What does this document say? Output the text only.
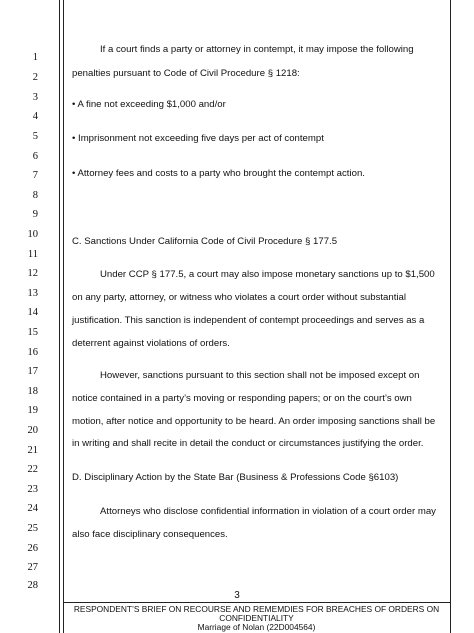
1
2
3
4
5
6
7
8
9
10
11
12
13
14
15
16
17
18
19
20
21
22
23
24
25
26
27
28
If a court finds a party or attorney in contempt, it may impose the following
penalties pursuant to Code of Civil Procedure § 1218:
• A fine not exceeding $1,000 and/or
• Imprisonment not exceeding five days per act of contempt
• Attorney fees and costs to a party who brought the contempt action.
C. Sanctions Under California Code of Civil Procedure § 177.5
Under CCP § 177.5, a court may also impose monetary sanctions up to $1,500
on any party, attorney, or witness who violates a court order without substantial
justification. This sanction is independent of contempt proceedings and serves as a
deterrent against violations of orders.
However, sanctions pursuant to this section shall not be imposed except on
notice contained in a party’s moving or responding papers; or on the court’s own
motion, after notice and opportunity to be heard. An order imposing sanctions shall be
in writing and shall recite in detail the conduct or circumstances justifying the order.
D. Disciplinary Action by the State Bar (Business & Professions Code §6103)
Attorneys who disclose confidential information in violation of a court order may
also face disciplinary consequences.
3
RESPONDENT’S BRIEF ON RECOURSE AND REMEMDIES FOR BREACHES OF ORDERS ON
CONFIDENTIALITY
Marriage of Nolan (22D004564)
